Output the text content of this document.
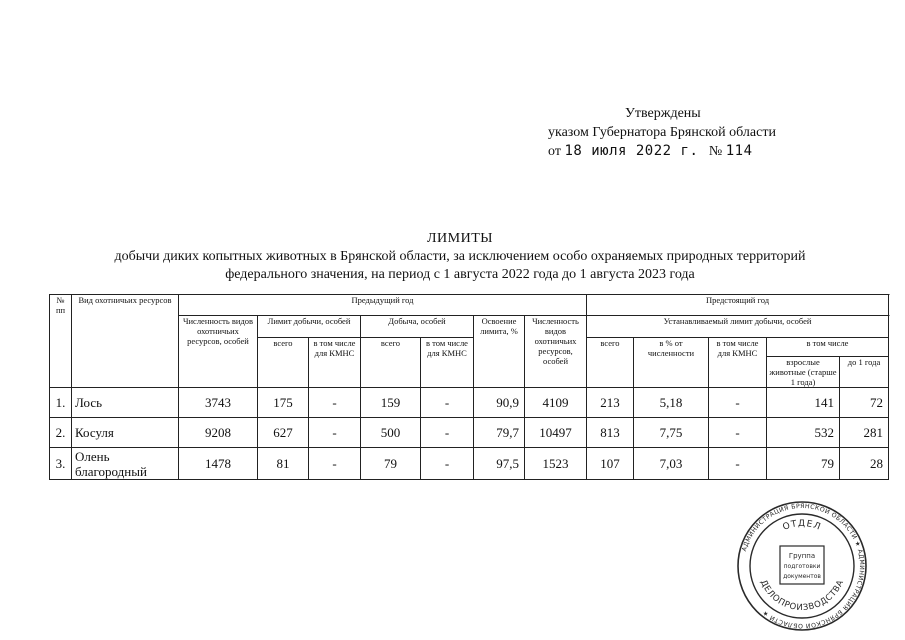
Утверждены
указом Губернатора Брянской области
от 18 июля 2022 г. № 114
ЛИМИТЫ
добычи диких копытных животных в Брянской области, за исключением особо охраняемых природных территорий
федерального значения, на период с 1 августа 2022 года до 1 августа 2023 года
№ пп	Вид охотничьих ресурсов	Предыдущий год							Предстоящий год				
		Численность видов охотничьих ресурсов, особей	Лимит добычи, особей		Добыча, особей		Освоение лимита, %	Численность видов охотничьих ресурсов, особей	Устанавливаемый лимит добычи, особей				
			всего	в том числе для КМНС	всего	в том числе для КМНС			всего	в % от численности	в том числе для КМНС	в том числе	
												взрослые животные (старше 1 года)	до 1 года
1.	Лось	3743	175	-	159	-	90,9	4109	213	5,18	-	141	72
2.	Косуля	9208	627	-	500	-	79,7	10497	813	7,75	-	532	281
3.	Олень благородный	1478	81	-	79	-	97,5	1523	107	7,03	-	79	28
АДМИНИСТРАЦИЯ БРЯНСКОЙ ОБЛАСТИ ★ АДМИНИСТРАЦИЯ БРЯНСКОЙ ОБЛАСТИ ★
ОТДЕЛ
ДЕЛОПРОИЗВОДСТВА
Группа
подготовки
документов
